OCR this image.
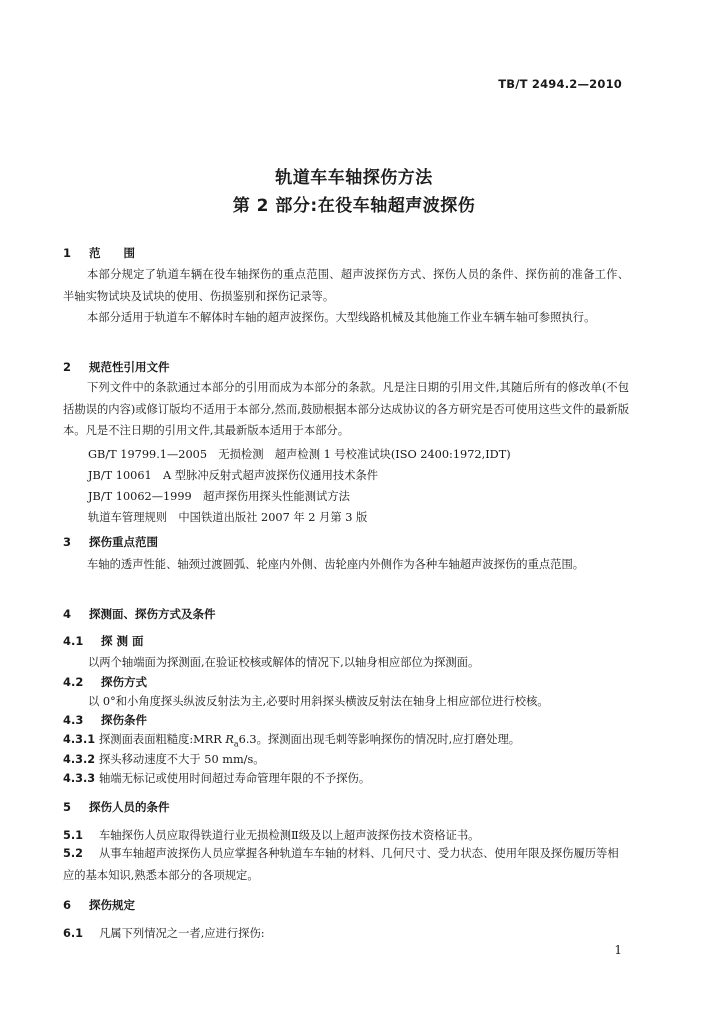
TB/T 2494.2—2010
轨道车车轴探伤方法
第 2 部分:在役车轴超声波探伤
1 范　　围
本部分规定了轨道车辆在役车轴探伤的重点范围、超声波探伤方式、探伤人员的条件、探伤前的准备工作、半轴实物试块及试块的使用、伤损鉴别和探伤记录等。
本部分适用于轨道车不解体时车轴的超声波探伤。大型线路机械及其他施工作业车辆车轴可参照执行。
2 规范性引用文件
下列文件中的条款通过本部分的引用而成为本部分的条款。凡是注日期的引用文件,其随后所有的修改单(不包括勘误的内容)或修订版均不适用于本部分,然而,鼓励根据本部分达成协议的各方研究是否可使用这些文件的最新版本。凡是不注日期的引用文件,其最新版本适用于本部分。
GB/T 19799.1—2005　无损检测　超声检测 1 号校准试块(ISO 2400:1972,IDT)
JB/T 10061　A 型脉冲反射式超声波探伤仪通用技术条件
JB/T 10062—1999　超声探伤用探头性能测试方法
轨道车管理规则　中国铁道出版社 2007 年 2 月第 3 版
3 探伤重点范围
车轴的透声性能、轴颈过渡圆弧、轮座内外侧、齿轮座内外侧作为各种车轴超声波探伤的重点范围。
4 探测面、探伤方式及条件
4.1 探 测 面
以两个轴端面为探测面,在验证校核或解体的情况下,以轴身相应部位为探测面。
4.2 探伤方式
以 0°和小角度探头纵波反射法为主,必要时用斜探头横波反射法在轴身上相应部位进行校核。
4.3 探伤条件
4.3.1 探测面表面粗糙度:MRR $R_a6.3$。探测面出现毛刺等影响探伤的情况时,应打磨处理。
4.3.2 探头移动速度不大于 50 mm/s。
4.3.3 轴端无标记或使用时间超过寿命管理年限的不予探伤。
5 探伤人员的条件
5.1 车轴探伤人员应取得铁道行业无损检测Ⅱ级及以上超声波探伤技术资格证书。
5.2 从事车轴超声波探伤人员应掌握各种轨道车车轴的材料、几何尺寸、受力状态、使用年限及探伤履历等相应的基本知识,熟悉本部分的各项规定。
6 探伤规定
6.1 凡属下列情况之一者,应进行探伤:
1
